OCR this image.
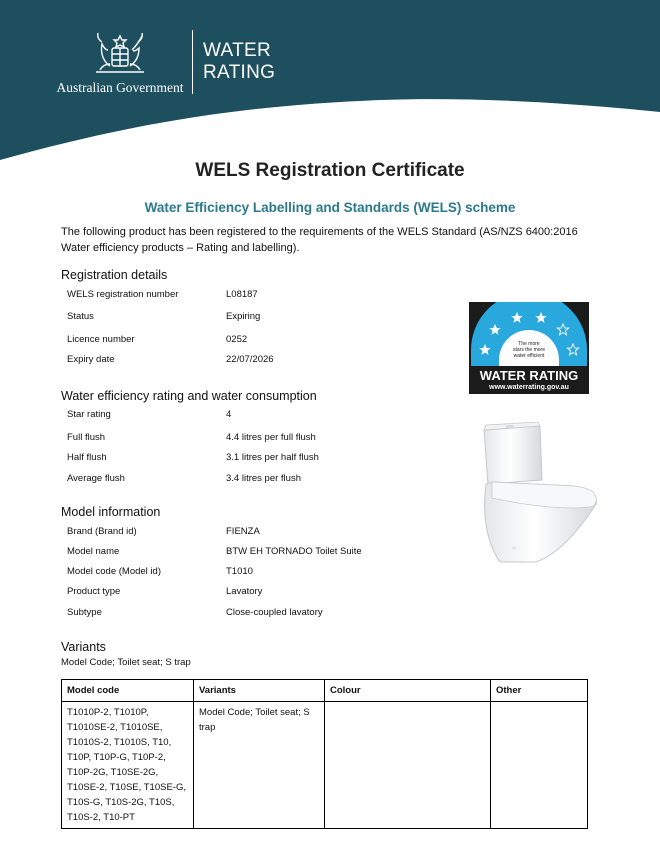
Australian Government
WATER
RATING
WELS Registration Certificate
Water Efficiency Labelling and Standards (WELS) scheme
The following product has been registered to the requirements of the WELS Standard (AS/NZS 6400:2016 Water efficiency products – Rating and labelling).
Registration details
WELS registration number	L08187
Status	Expiring
Licence number	0252
Expiry date	22/07/2026
Water efficiency rating and water consumption
Star rating	4
Full flush	4.4 litres per full flush
Half flush	3.1 litres per half flush
Average flush	3.4 litres per flush
Model information
Brand (Brand id)	FIENZA
Model name	BTW EH TORNADO Toilet Suite
Model code (Model id)	T1010
Product type	Lavatory
Subtype	Close-coupled lavatory
The more
stars the more
water efficient
WATER RATING
www.waterrating.gov.au
Variants
Model Code; Toilet seat; S trap
Model code	Variants	Colour	Other
T1010P-2, T1010P, T1010SE-2, T1010SE, T1010S-2, T1010S, T10, T10P, T10P-G, T10P-2, T10P-2G, T10SE-2G, T10SE-2, T10SE, T10SE-G, T10S-G, T10S-2G, T10S, T10S-2, T10-PT	Model Code; Toilet seat; S trap		
